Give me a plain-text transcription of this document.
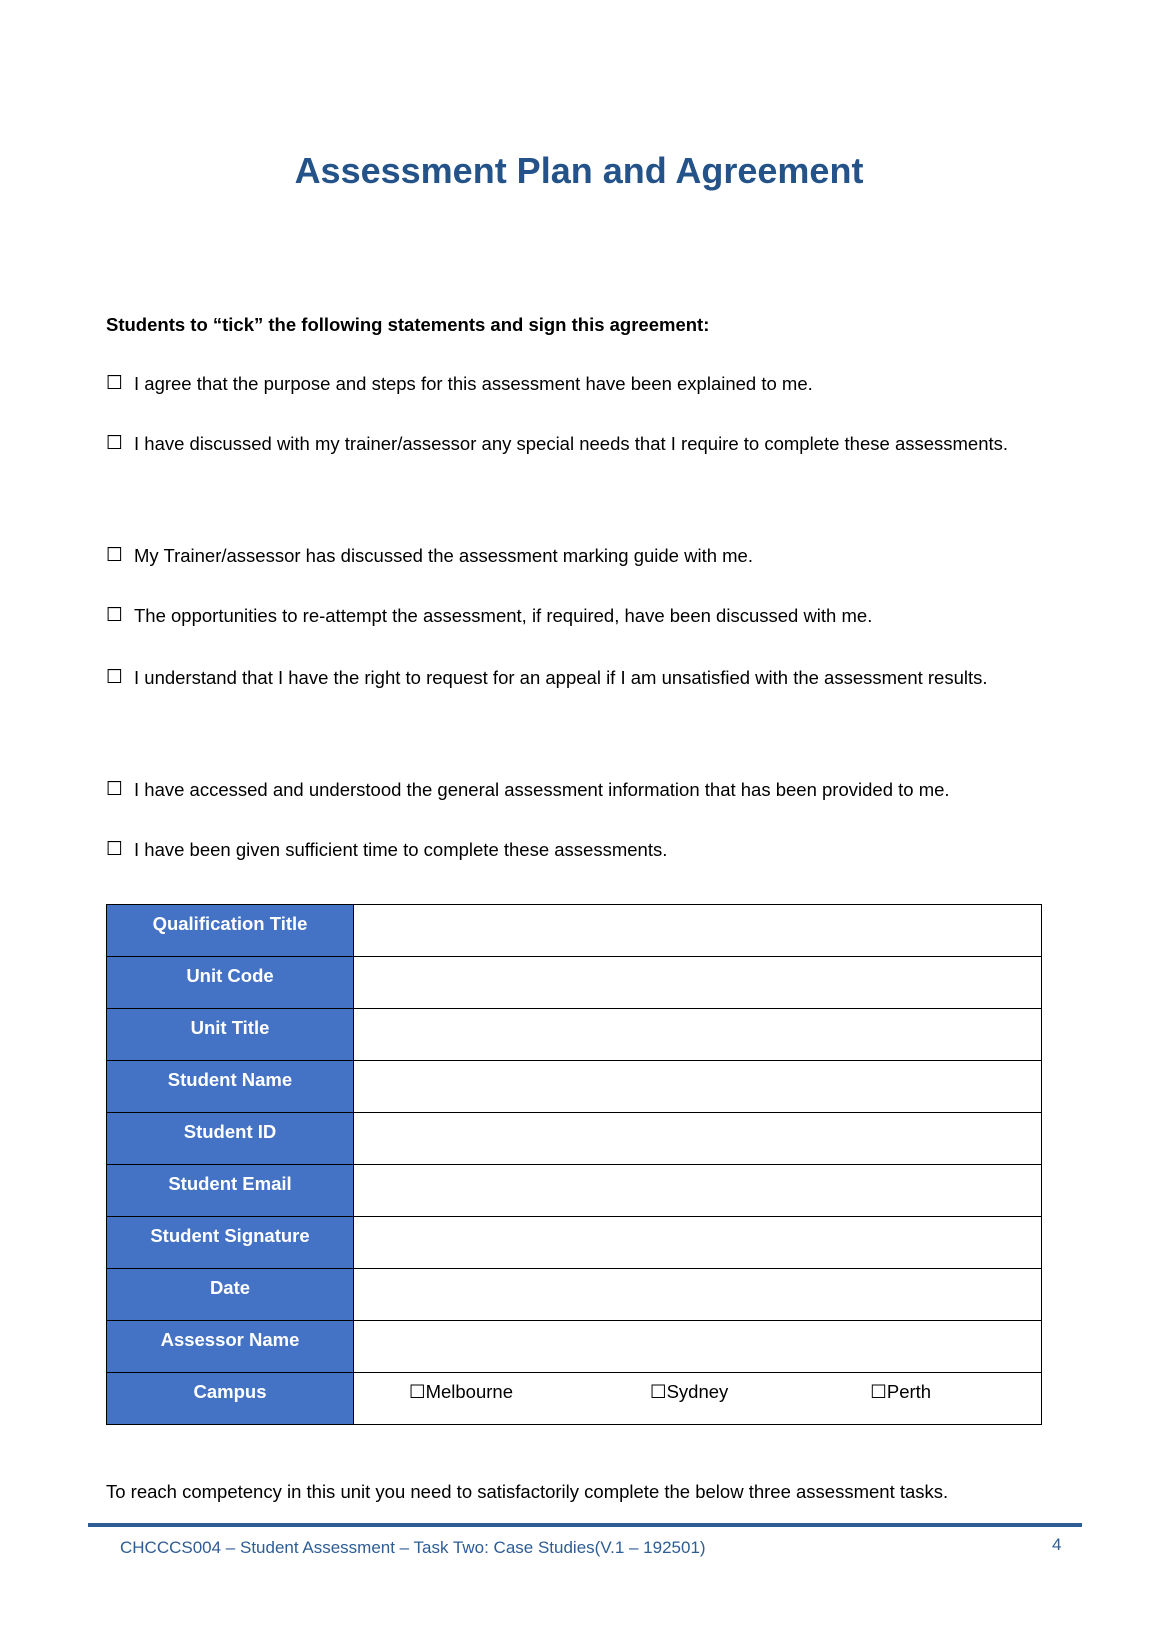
Assessment Plan and Agreement

Students to “tick” the following statements and sign this agreement:

☐ I agree that the purpose and steps for this assessment have been explained to me.
☐ I have discussed with my trainer/assessor any special needs that I require to complete these assessments.
☐ My Trainer/assessor has discussed the assessment marking guide with me.
☐ The opportunities to re-attempt the assessment, if required, have been discussed with me.
☐ I understand that I have the right to request for an appeal if I am unsatisfied with the assessment results.
☐ I have accessed and understood the general assessment information that has been provided to me.
☐ I have been given sufficient time to complete these assessments.
Qualification Title	
Unit Code	
Unit Title	
Student Name	
Student ID	
Student Email	
Student Signature	
Date	
Assessor Name	
Campus	☐Melbourne ☐Sydney ☐Perth

To reach competency in this unit you need to satisfactorily complete the below three assessment tasks.

CHCCCS004 – Student Assessment – Task Two: Case Studies(V.1 – 192501)	4
